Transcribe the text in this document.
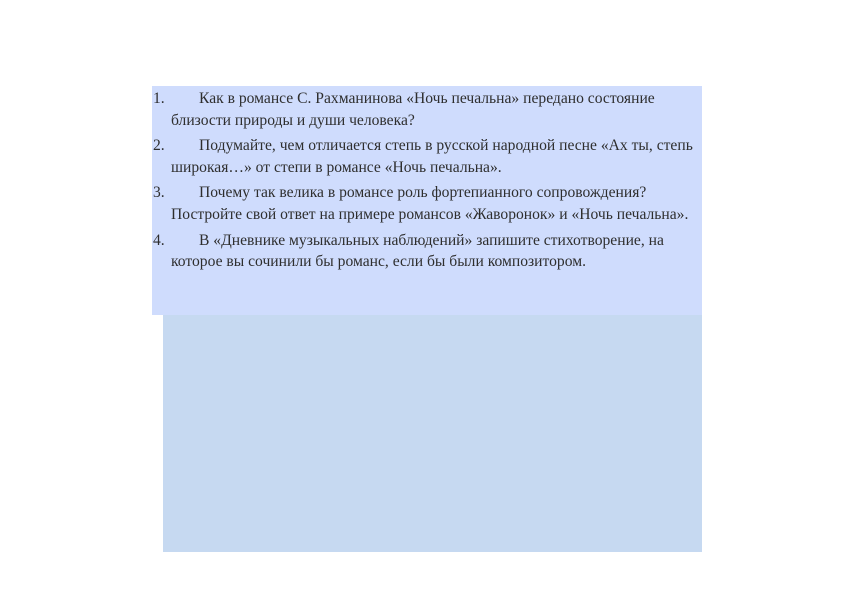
1. Как в романсе С. Рахманинова «Ночь печальна» передано состояние близости природы и души человека?
2. Подумайте, чем отличается степь в русской народной песне «Ах ты, степь широкая…» от степи в романсе «Ночь печальна».
3. Почему так велика в романсе роль фортепианного сопровождения? Постройте свой ответ на примере романсов «Жаворонок» и «Ночь печальна».
4. В «Дневнике музыкальных наблюдений» запишите стихотворение, на которое вы сочинили бы романс, если бы были композитором.
